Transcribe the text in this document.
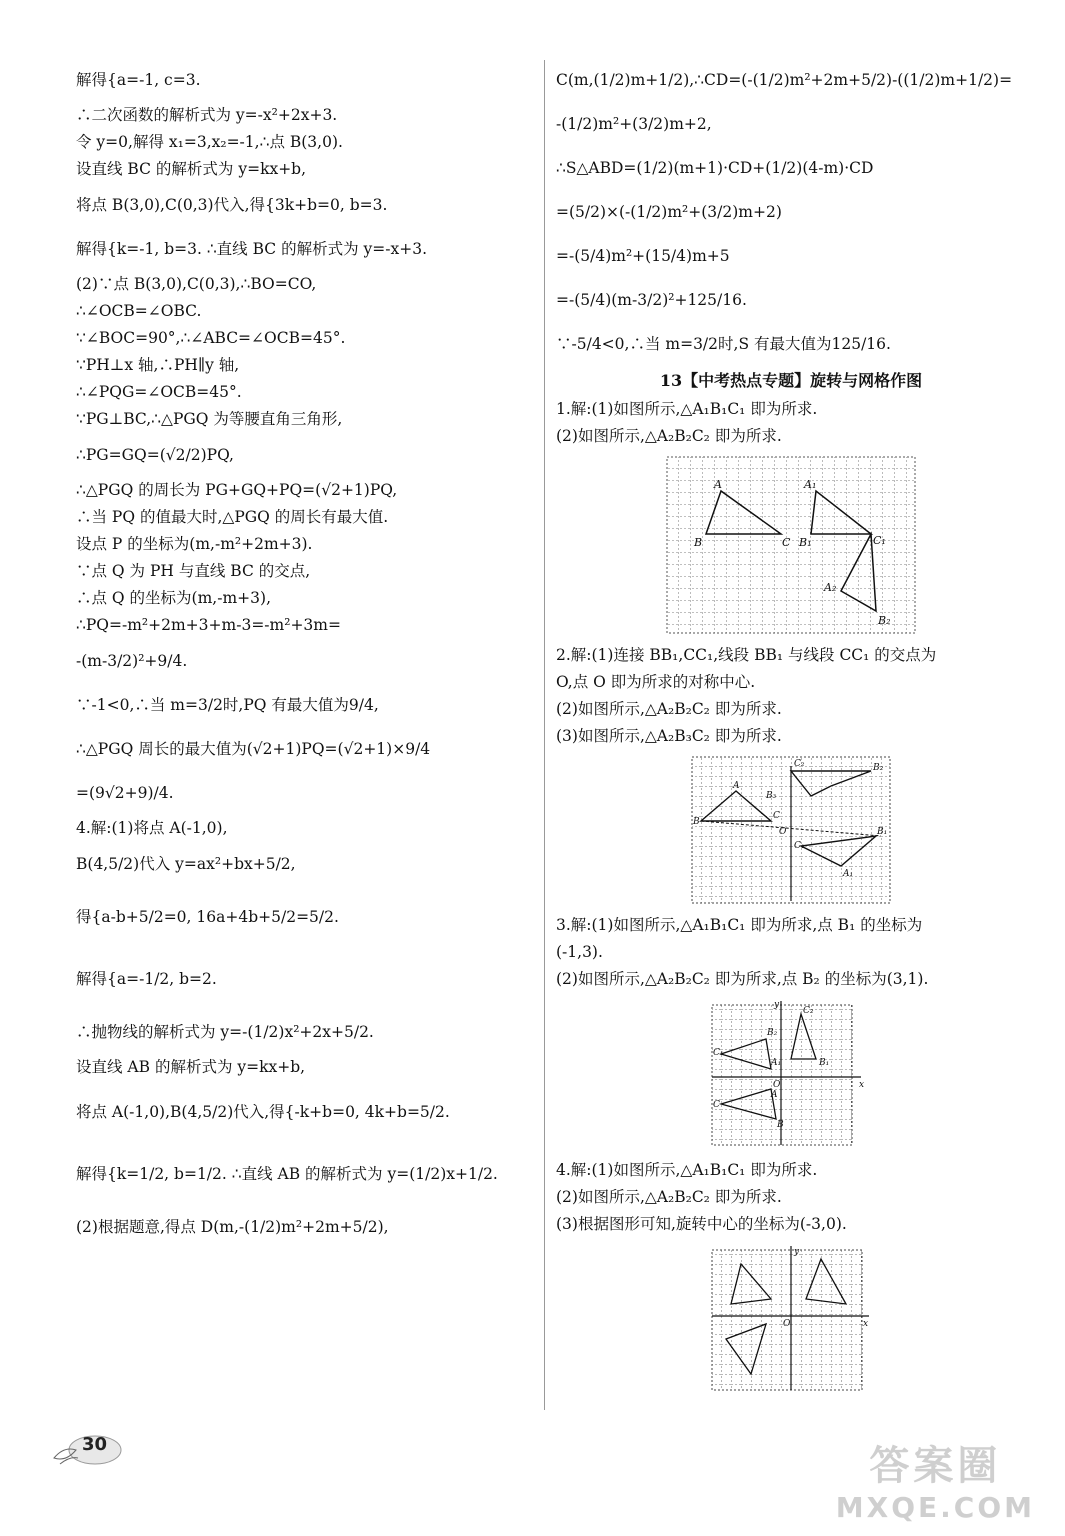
解得{a=-1, c=3.

∴二次函数的解析式为 y=-x²+2x+3.

令 y=0,解得 x₁=3,x₂=-1,∴点 B(3,0).

设直线 BC 的解析式为 y=kx+b,

将点 B(3,0),C(0,3)代入,得{3k+b=0, b=3.

解得{k=-1, b=3. ∴直线 BC 的解析式为 y=-x+3.

(2)∵点 B(3,0),C(0,3),∴BO=CO,

∴∠OCB=∠OBC.

∵∠BOC=90°,∴∠ABC=∠OCB=45°.

∵PH⊥x 轴,∴PH∥y 轴,

∴∠PQG=∠OCB=45°.

∵PG⊥BC,∴△PGQ 为等腰直角三角形,

∴PG=GQ=(√2/2)PQ,

∴△PGQ 的周长为 PG+GQ+PQ=(√2+1)PQ,

∴当 PQ 的值最大时,△PGQ 的周长有最大值.

设点 P 的坐标为(m,-m²+2m+3).

∵点 Q 为 PH 与直线 BC 的交点,

∴点 Q 的坐标为(m,-m+3),

∴PQ=-m²+2m+3+m-3=-m²+3m=

-(m-3/2)²+9/4.

∵-1<0,∴当 m=3/2时,PQ 有最大值为9/4,

∴△PGQ 周长的最大值为(√2+1)PQ=(√2+1)×9/4

=(9√2+9)/4.

4.解:(1)将点 A(-1,0),

B(4,5/2)代入 y=ax²+bx+5/2,

得{a-b+5/2=0, 16a+4b+5/2=5/2.

解得{a=-1/2, b=2.

∴抛物线的解析式为 y=-(1/2)x²+2x+5/2.

设直线 AB 的解析式为 y=kx+b,

将点 A(-1,0),B(4,5/2)代入,得{-k+b=0, 4k+b=5/2.

解得{k=1/2, b=1/2. ∴直线 AB 的解析式为 y=(1/2)x+1/2.

(2)根据题意,得点 D(m,-(1/2)m²+2m+5/2),

C(m,(1/2)m+1/2),∴CD=(-(1/2)m²+2m+5/2)-((1/2)m+1/2)=

-(1/2)m²+(3/2)m+2,

∴S△ABD=(1/2)(m+1)·CD+(1/2)(4-m)·CD

=(5/2)×(-(1/2)m²+(3/2)m+2)

=-(5/4)m²+(15/4)m+5

=-(5/4)(m-3/2)²+125/16.

∵-5/4<0,∴当 m=3/2时,S 有最大值为125/16.

13【中考热点专题】旋转与网格作图

1.解:(1)如图所示,△A₁B₁C₁ 即为所求.

(2)如图所示,△A₂B₂C₂ 即为所求.

A
B	C
A₁
B₁	C₁
A₂
B₂

2.解:(1)连接 BB₁,CC₁,线段 BB₁ 与线段 CC₁ 的交点为

O,点 O 即为所求的对称中心.

(2)如图所示,△A₂B₂C₂ 即为所求.

(3)如图所示,△A₂B₃C₂ 即为所求.

C₂	B₂
A
B₃
B
C
O
C₁
B₁
A₁

3.解:(1)如图所示,△A₁B₁C₁ 即为所求,点 B₁ 的坐标为

(-1,3).

(2)如图所示,△A₂B₂C₂ 即为所求,点 B₂ 的坐标为(3,1).

y
x
O
C₂
B₂
B₁
C₁
A₁
A
C
B

4.解:(1)如图所示,△A₁B₁C₁ 即为所求.

(2)如图所示,△A₂B₂C₂ 即为所求.

(3)根据图形可知,旋转中心的坐标为(-3,0).

y
x
O
30	答案圈
MXQE.COM
